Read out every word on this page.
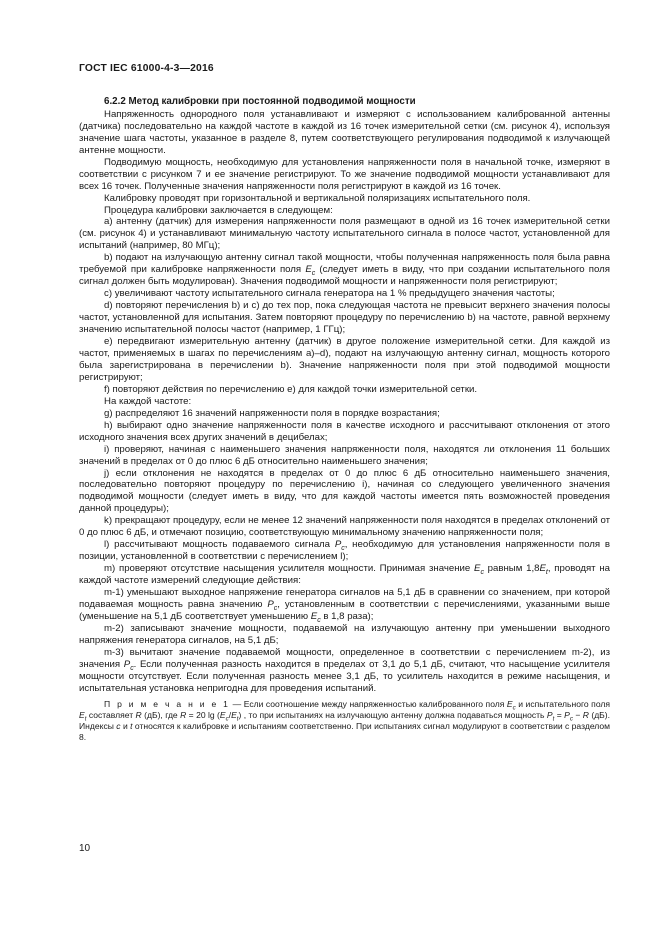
ГОСТ IEC 61000-4-3—2016
6.2.2 Метод калибровки при постоянной подводимой мощности

Напряженность однородного поля устанавливают и измеряют с использованием калиброванной антенны (датчика) последовательно на каждой частоте в каждой из 16 точек измерительной сетки (см. рисунок 4), используя значение шага частоты, указанное в разделе 8, путем соответствующего регулирования подводимой к излучающей антенне мощности.

Подводимую мощность, необходимую для установления напряженности поля в начальной точке, измеряют в соответствии с рисунком 7 и ее значение регистрируют. То же значение подводимой мощности устанавливают для всех 16 точек. Полученные значения напряженности поля регистрируют в каждой из 16 точек.

Калибровку проводят при горизонтальной и вертикальной поляризациях испытательного поля.

Процедура калибровки заключается в следующем:

a) антенну (датчик) для измерения напряженности поля размещают в одной из 16 точек измерительной сетки (см. рисунок 4) и устанавливают минимальную частоту испытательного сигнала в полосе частот, установленной для испытаний (например, 80 МГц);

b) подают на излучающую антенну сигнал такой мощности, чтобы полученная напряженность поля была равна требуемой при калибровке напряженности поля $E_c$ (следует иметь в виду, что при создании испытательного поля сигнал должен быть модулирован). Значения подводимой мощности и напряженности поля регистрируют;

c) увеличивают частоту испытательного сигнала генератора на 1 % предыдущего значения частоты;

d) повторяют перечисления b) и c) до тех пор, пока следующая частота не превысит верхнего значения полосы частот, установленной для испытания. Затем повторяют процедуру по перечислению b) на частоте, равной верхнему значению испытательной полосы частот (например, 1 ГГц);

e) передвигают измерительную антенну (датчик) в другое положение измерительной сетки. Для каждой из частот, применяемых в шагах по перечислениям a)–d), подают на излучающую антенну сигнал, мощность которого была зарегистрирована в перечислении b). Значение напряженности поля при этой подводимой мощности регистрируют;

f) повторяют действия по перечислению e) для каждой точки измерительной сетки.

На каждой частоте:

g) распределяют 16 значений напряженности поля в порядке возрастания;

h) выбирают одно значение напряженности поля в качестве исходного и рассчитывают отклонения от этого исходного значения всех других значений в децибелах;

i) проверяют, начиная с наименьшего значения напряженности поля, находятся ли отклонения 11 больших значений в пределах от 0 до плюс 6 дБ относительно наименьшего значения;

j) если отклонения не находятся в пределах от 0 до плюс 6 дБ относительно наименьшего значения, последовательно повторяют процедуру по перечислению i), начиная со следующего увеличенного значения подводимой мощности (следует иметь в виду, что для каждой частоты имеется пять возможностей проведения данной процедуры);

k) прекращают процедуру, если не менее 12 значений напряженности поля находятся в пределах отклонений от 0 до плюс 6 дБ, и отмечают позицию, соответствующую минимальному значению напряженности поля;

l) рассчитывают мощность подаваемого сигнала $P_c$, необходимую для установления напряженности поля в позиции, установленной в соответствии с перечислением l);

m) проверяют отсутствие насыщения усилителя мощности. Принимая значение $E_c$ равным $1,8E_t$, проводят на каждой частоте измерений следующие действия:

m-1) уменьшают выходное напряжение генератора сигналов на 5,1 дБ в сравнении со значением, при которой подаваемая мощность равна значению $P_c$, установленным в соответствии с перечислениями, указанными выше (уменьшение на 5,1 дБ соответствует уменьшению $E_c$ в 1,8 раза);

m-2) записывают значение мощности, подаваемой на излучающую антенну при уменьшении выходного напряжения генератора сигналов, на 5,1 дБ;

m-3) вычитают значение подаваемой мощности, определенное в соответствии с перечислением m-2), из значения $P_c$. Если полученная разность находится в пределах от 3,1 до 5,1 дБ, считают, что насыщение усилителя мощности отсутствует. Если полученная разность менее 3,1 дБ, то усилитель находится в режиме насыщения, и испытательная установка непригодна для проведения испытаний.

П р и м е ч а н и е 1 — Если соотношение между напряженностью калиброванного поля $E_c$ и испытательного поля $E_t$ составляет R (дБ), где R = 20 $\lg (E_c/E_t)$ , то при испытаниях на излучающую антенну должна подаваться мощность $P_t = P_c - R$ (дБ). Индексы c и t относятся к калибровке и испытаниям соответственно. При испытаниях сигнал модулируют в соответствии с разделом 8.

10
